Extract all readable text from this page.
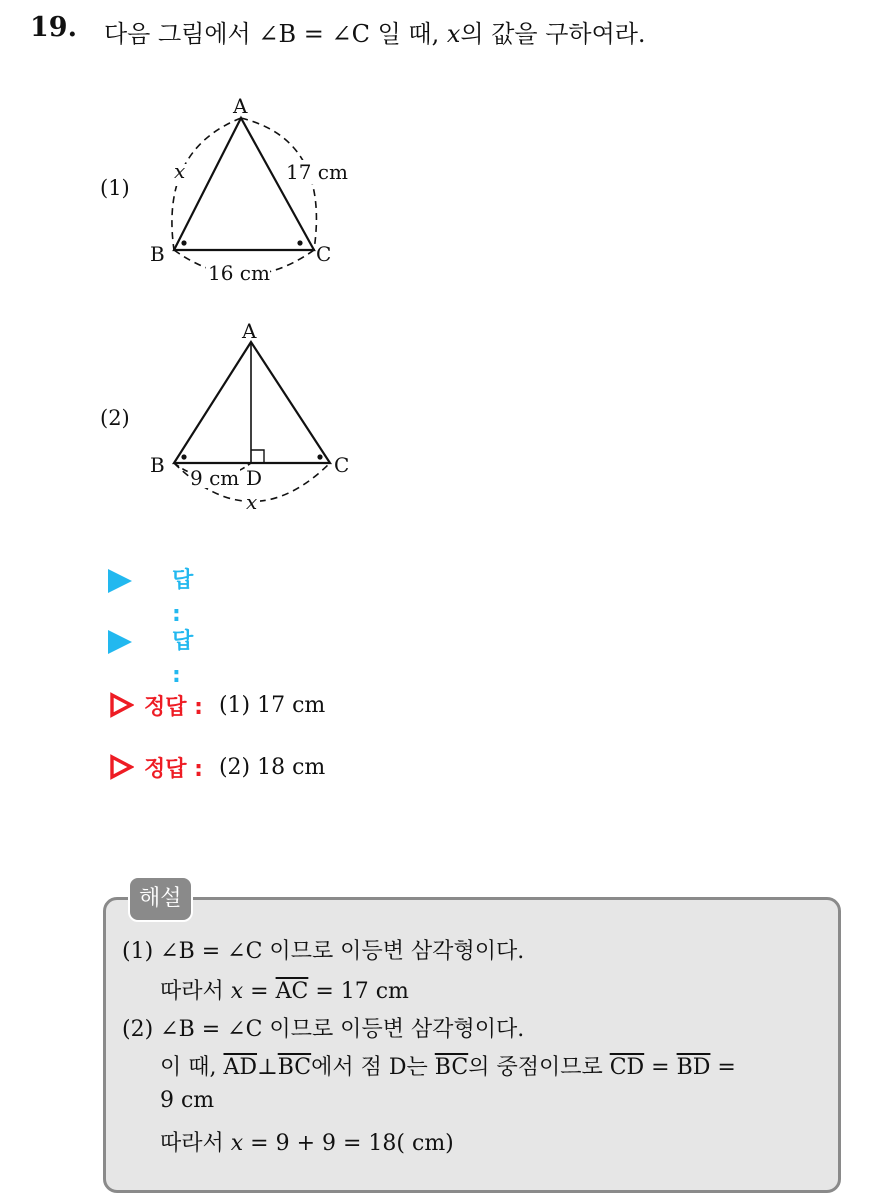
19. 다음 그림에서 ∠B = ∠C 일 때, x의 값을 구하여라.
(1)
(2)
A
B	C
x	17 cm
16 cm
A
B	C
D
9 cm
x
답 :
답 :
정답 : (1) 17 cm
정답 : (2) 18 cm
해설
(1) ∠B = ∠C 이므로 이등변 삼각형이다.
따라서 $x = \overline{AC} = 17$ cm
(2) ∠B = ∠C 이므로 이등변 삼각형이다.
이 때, $\overline{AD}\perp\overline{BC}$에서 점 D는 $\overline{BC}$의 중점이므로 $\overline{CD} = \overline{BD}$ =
9 cm
따라서 x = 9 + 9 = 18( cm)
